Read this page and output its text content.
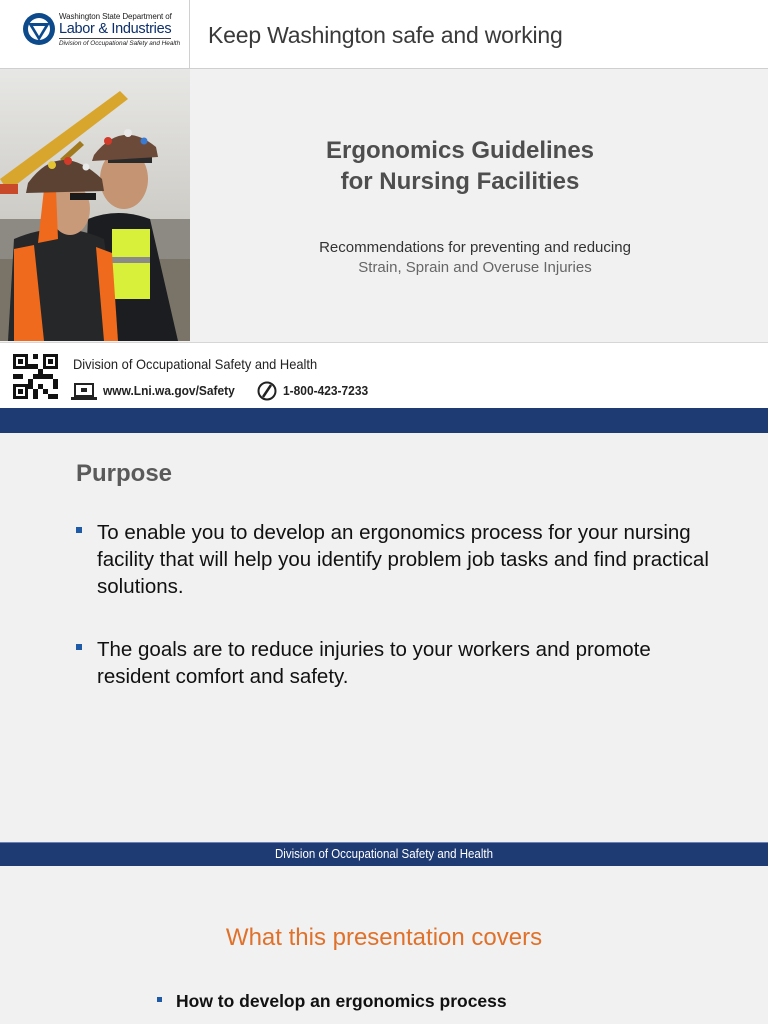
Washington State Department of
Labor & Industries
Division of Occupational Safety and Health Keep Washington safe and working
Ergonomics Guidelines
for Nursing Facilities
Recommendations for preventing and reducing
Strain, Sprain and Overuse Injuries
Division of Occupational Safety and Health
www.Lni.wa.gov/Safety	1-800-423-7233
Purpose
To enable you to develop an ergonomics process for your nursing facility that will help you identify problem job tasks and find practical solutions.
The goals are to reduce injuries to your workers and promote resident comfort and safety.
Division of Occupational Safety and Health
What this presentation covers
How to develop an ergonomics process
